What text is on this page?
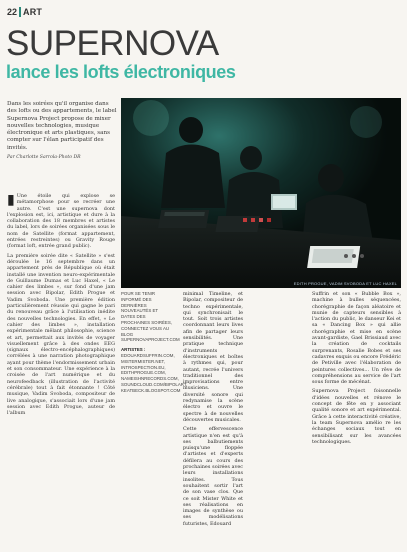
22 ART
SUPERNOVA
lance les lofts électroniques
Dans les soirées qu'il organise dans des lofts ou des appartements, le label Supernova Project propose de mixer nouvelles technologies, musique électronique et arts plastiques, sans compter sur l'élan participatif des invités.
Par Charlotte Sarrola-Photo DR
EDITH PROGUE, VADIM SVOBODA ET LUC HAXEL

▮ Une étoile qui explose se métamorphose pour se recréer une autre. C'est une supernova dont l'explosion est, ici, artistique et dure à la collaboration des 18 membres et artistes du label, lors de soirées organisées sous le nom de Satellite (format appartement, entrées restreintes) ou Gravity Rouge (format loft, entrée grand public).

La première soirée dite « Satellite » s'est déroulée le 16 septembre dans un appartement près de République où était installé une invention neuro-expérimentale de Guillaume Dumas et Luc Haxel, « Le cahier des limbes », sur fond d'une jam session avec Bipolar, Edith Progue et Vadim Svoboda. Une première édition particulièrement réussie qui gagne le pari du renouveau grâce à l'utilisation inédite des nouvelles technologies. En effet, « Le cahier des limbes », installation expérimentale mêlant philosophie, science et art, permettait aux invités de voyager visuellement grâce à des ondes EEG (signaux électro-encéphalographiques) corrélées à une narration photographique ayant pour thème l'endormissement urbain et son consommateur. Une expérience à la croisée de l'art numérique et du neurofeedback (illustration de l'activité cérébrale) tout à fait étonnante ! Côté musique, Vadim Svoboda, compositeur de live analogique, s'associait lors d'une jam session avec Edith Progue, auteur de l'album

POUR SE TENIR INFORMÉ DES DERNIÈRES NOUVEAUTÉS ET DATES DES PROCHAINES SOIRÉES, CONNECTEZ VOUS AU BLOG SUPERNOVAPROJECT.COM
ARTISTES :
EDOUARDSUFFRIN.COM, MISTERMISTER.NET, INTROSPECTION.EU, EDITHPROGUE.COM, NAMEISHNRECORDS.COM, SOUNDCLOUD.COM/BIPOLART, KEATBECK.BLOGSPOT.COM

minimal Timeline, et Bipolar, compositeur de techno expérimentale, qui synchronisait le tout. Soit trois artistes coordonnant leurs lives afin de partager leurs sensibilités. Une pratique technique d'instruments électroniques et boîtes à rythmes qui, pour autant, recrée l'univers traditionnel des improvisations entre musiciens. Une diversité sonore qui redynamise la scène électro et ouvre le spectre à de nouvelles découvertes musicales.

Cette effervescence artistique n'en est qu'à ses balbutiements puisqu'une floppée d'artistes et d'experts défilera au cours des prochaines soirées avec leurs installations insolites. Tous souhaitent sortir l'art de son vase clos. Que ce soit Mister White et ses réalisations en images de synthèse ou ses modélisations futuristes, Edouard

Suffrin et son « Bubble Box », machine à bulles séquencées, chorégraphie de façon aléatoire et munie de capteurs sensibles à l'action du public, le danseur Kei et sa « Dancing Box » qui allie chorégraphie et mise en scène avant-gardiste, Gael Brissiaud avec la création de cocktails surprenants, Rosalie Bobes et ses cadavres exquis ou encore Frédéric de Petiville avec l'élaboration de peintures collectives... Un rêve de compréhensions au service de l'art sous forme de mécénat.

Supernova Project foisonnelle d'idées nouvelles et rénove le concept de fête en y associant qualité sonore et art expérimental. Grâce à cette interactivité créative, la team Supernova amélio re les échanges sociaux tout en sensibilisant sur les avancées technologiques.
